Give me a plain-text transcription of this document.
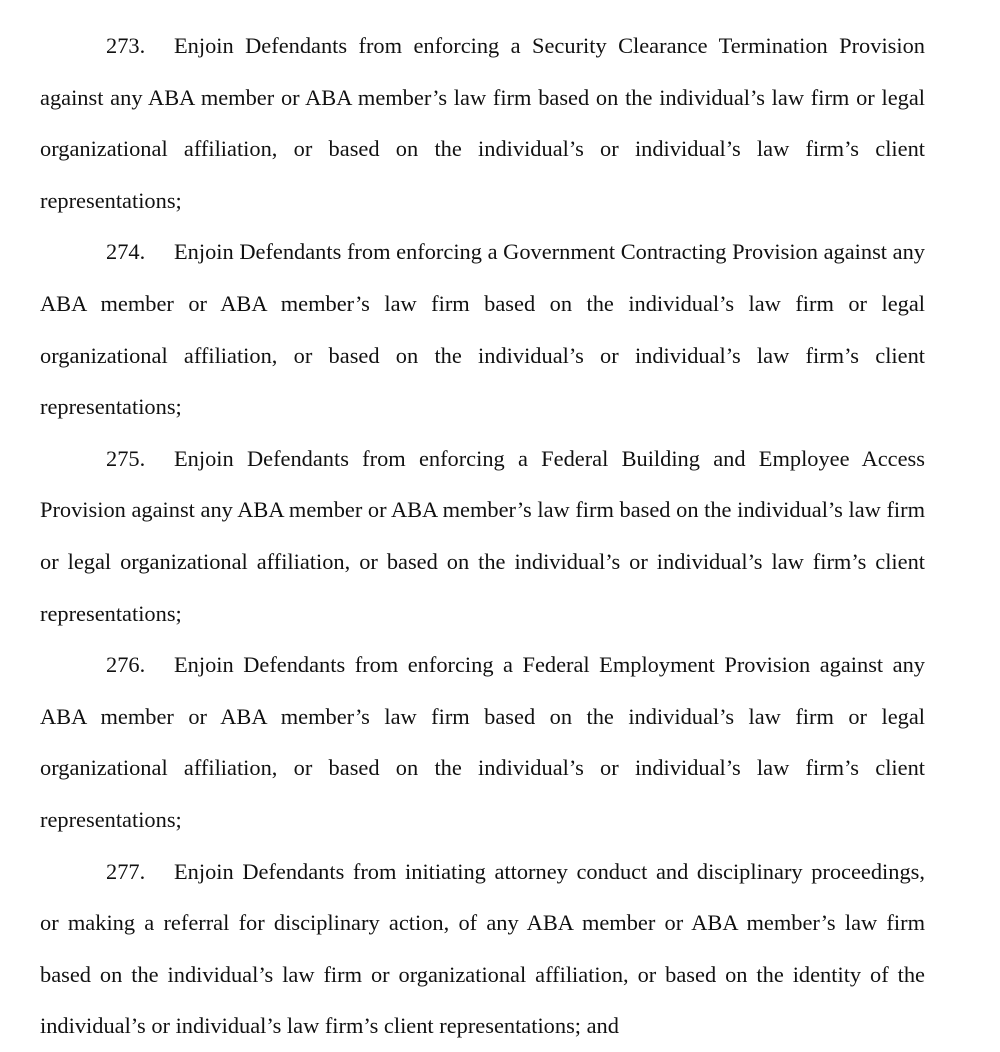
273. Enjoin Defendants from enforcing a Security Clearance Termination Provision against any ABA member or ABA member’s law firm based on the individual’s law firm or legal organizational affiliation, or based on the individual’s or individual’s law firm’s client representations;

274. Enjoin Defendants from enforcing a Government Contracting Provision against any ABA member or ABA member’s law firm based on the individual’s law firm or legal organizational affiliation, or based on the individual’s or individual’s law firm’s client representations;

275. Enjoin Defendants from enforcing a Federal Building and Employee Access Provision against any ABA member or ABA member’s law firm based on the individual’s law firm or legal organizational affiliation, or based on the individual’s or individual’s law firm’s client representations;

276. Enjoin Defendants from enforcing a Federal Employment Provision against any ABA member or ABA member’s law firm based on the individual’s law firm or legal organizational affiliation, or based on the individual’s or individual’s law firm’s client representations;

277. Enjoin Defendants from initiating attorney conduct and disciplinary proceedings, or making a referral for disciplinary action, of any ABA member or ABA member’s law firm based on the individual’s law firm or organizational affiliation, or based on the identity of the individual’s or individual’s law firm’s client representations; and
